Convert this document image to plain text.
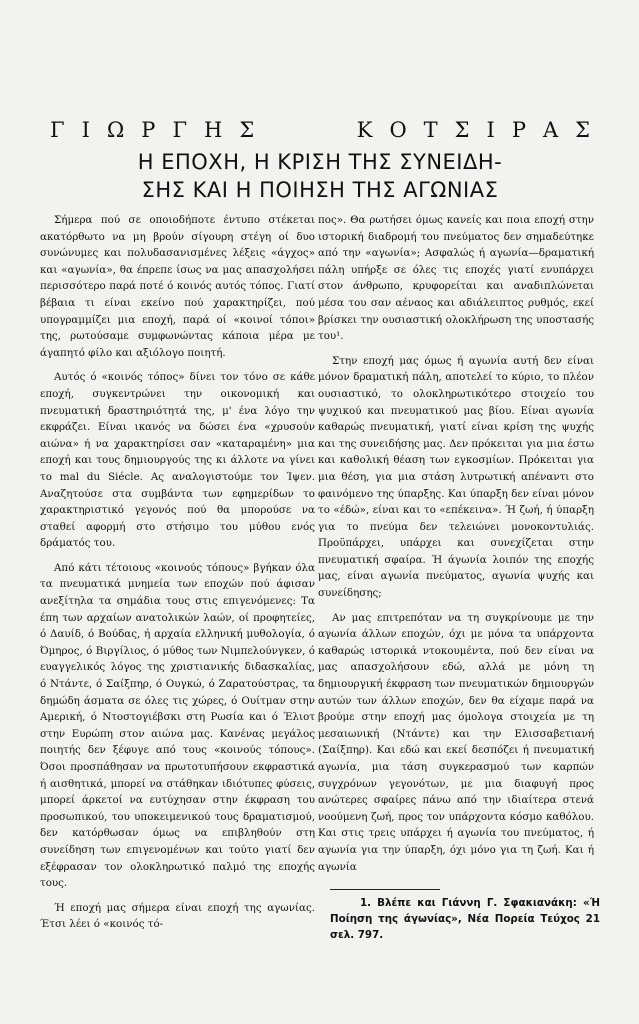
Γ Ι Ω Ρ Γ Η Σ	Κ Ο Τ Σ Ι Ρ Α Σ
Η ΕΠΟΧΗ, Η ΚΡΙΣΗ ΤΗΣ ΣΥΝΕΙΔΗ-
ΣΗΣ ΚΑΙ Η ΠΟΙΗΣΗ ΤΗΣ ΑΓΩΝΙΑΣ

Σήμερα πού σε οποιοδήποτε έντυπο στέκεται ακατόρθωτο να μη βρούν σίγουρη στέγη οί δυο συνώνυμες και πολυδασανισμένες λέξεις «άγχος» και «αγωνία», θα έπρεπε ίσως να μας απασχολήσει περισσότερο παρά ποτέ ό κοινός αυτός τόπος. Γιατί βέβαια τι είναι εκείνο πού χαρακτηρίζει, πού υπογραμμίζει μια εποχή, παρά οί «κοινοί τόποι» της, ρωτούσαμε συμφωνώντας κάποια μέρα με άγαπητό φίλο και αξιόλογο ποιητή.

Αυτός ό «κοινός τόπος» δίνει τον τόνο σε κάθε εποχή, συγκεντρώνει την οικονομική και πνευματική δραστηριότητά της, μ' ένα λόγο την εκφράζει. Είναι ικανός να δώσει ένα «χρυσούν αιώνα» ή να χαρακτηρίσει σαν «καταραμένη» μια εποχή και τους δημιουργούς της κι άλλοτε να γίνει το mal du Siécle. Ας αναλογιστούμε τον Ίψεν. Αναζητούσε στα συμβάντα των εφημερίδων το χαρακτηριστικό γεγονός πού θα μπορούσε να σταθεί αφορμή στο στήσιμο του μύθου ενός δράματός του.

Από κάτι τέτοιους «κοινούς τόπους» βγήκαν όλα τα πνευματικά μνημεία των εποχών πού άφισαν ανεξίτηλα τα σημάδια τους στις επιγενόμενες: Τα έπη των αρχαίων ανατολικών λαών, οί προφητείες, ό Δαυίδ, ό Βούδας, ή αρχαία ελληνική μυθολογία, ό Όμηρος, ό Βιργίλιος, ό μύθος των Νιμπελούνγκεν, ό ευαγγελικός λόγος της χριστιανικής διδασκαλίας, ό Ντάντε, ό Σαίξπηρ, ό Ουγκώ, ό Ζαρατούστρας, τα δημώδη άσματα σε όλες τις χώρες, ό Ουίτμαν στην Αμερική, ό Ντοστογιέβσκι στη Ρωσία και ό Έλιοτ στην Ευρώπη στον αιώνα μας. Κανένας μεγάλος ποιητής δεν ξέφυγε από τους «κοινούς τόπους». Όσοι προσπάθησαν να πρωτοτυπήσουν εκφραστικά ή αισθητικά, μπορεί να στάθηκαν ιδιότυπες φύσεις, μπορεί άρκετοί να ευτύχησαν στην έκφραση του προσωπικού, του υποκειμενικού τους δραματισμού, δεν κατόρθωσαν όμως να επιβληθούν στη συνείδηση των επιγενομένων και τούτο γιατί δεν εξέφρασαν τον ολοκληρωτικό παλμό της εποχής τους.

Ή εποχή μας σήμερα είναι εποχή της αγωνίας. Έτσι λέει ό «κοινός τό-

πος». Θα ρωτήσει όμως κανείς και ποια εποχή στην ιστορική διαδρομή του πνεύματος δεν σημαδεύτηκε από την «αγωνία»; Ασφαλώς ή αγωνία—δραματική πάλη υπήρξε σε όλες τις εποχές γιατί ενυπάρχει στον άνθρωπο, κρυφορείται και αναδιπλώνεται μέσα του σαν αέναος και αδιάλειπτος ρυθμός, εκεί βρίσκει την ουσιαστική ολοκλήρωση της υποστασής του¹.

Στην εποχή μας όμως ή αγωνία αυτή δεν είναι μόνον δραματική πάλη, αποτελεί το κύριο, το πλέον ουσιαστικό, το ολοκληρωτικότερο στοιχείο του ψυχικού και πνευματικού μας βίου. Είναι αγωνία καθαρώς πνευματική, γιατί είναι κρίση της ψυχής και της συνειδήσης μας. Δεν πρόκειται για μια έστω και καθολική θέαση των εγκοσμίων. Πρόκειται για μια θέση, για μια στάση λυτρωτική απέναντι στο φαινόμενο της ύπαρξης. Και ύπαρξη δεν είναι μόνον το «έδώ», είναι και το «επέκεινα». Ή ζωή, ή ύπαρξη για το πνεύμα δεν τελειώνει μονοκοντυλιάς. Προϋπάρχει, υπάρχει και συνεχίζεται στην πνευματική σφαίρα. Ή άγωνία λοιπόν της εποχής μας, είναι αγωνία πνεύματος, αγωνία ψυχής και συνείδησης;

Αν μας επιτρεπόταν να τη συγκρίνουμε με την αγωνία άλλων εποχών, όχι με μόνα τα υπάρχοντα καθαρώς ιστορικά ντοκουμέντα, πού δεν είναι να μας απασχολήσουν εδώ, αλλά με μόνη τη δημιουργική έκφραση των πνευματικών δημιουργών αυτών των άλλων εποχών, δεν θα είχαμε παρά να βρούμε στην εποχή μας όμολογα στοιχεία με τη μεσαιωνική (Ντάντε) και την Ελισσαβετιανή (Σαίξπηρ). Και εδώ και εκεί δεσπόζει ή πνευματική αγωνία, μια τάση συγκερασμού των καρπών συγχρόνων γεγονότων, με μια διαφυγή προς ανώτερες σφαίρες πάνω από την ιδιαίτερα στενά νοούμενη ζωή, προς τον υπάρχοντα κόσμο καθόλου. Και στις τρεις υπάρχει ή αγωνία του πνεύματος, ή αγωνία για την ύπαρξη, όχι μόνο για τη ζωή. Και ή αγωνία

1. Βλέπε και Γιάννη Γ. Σφακιανάκη: «Ή Ποίηση της άγωνίας», Νέα Πορεία Τεύχος 21 σελ. 797.
